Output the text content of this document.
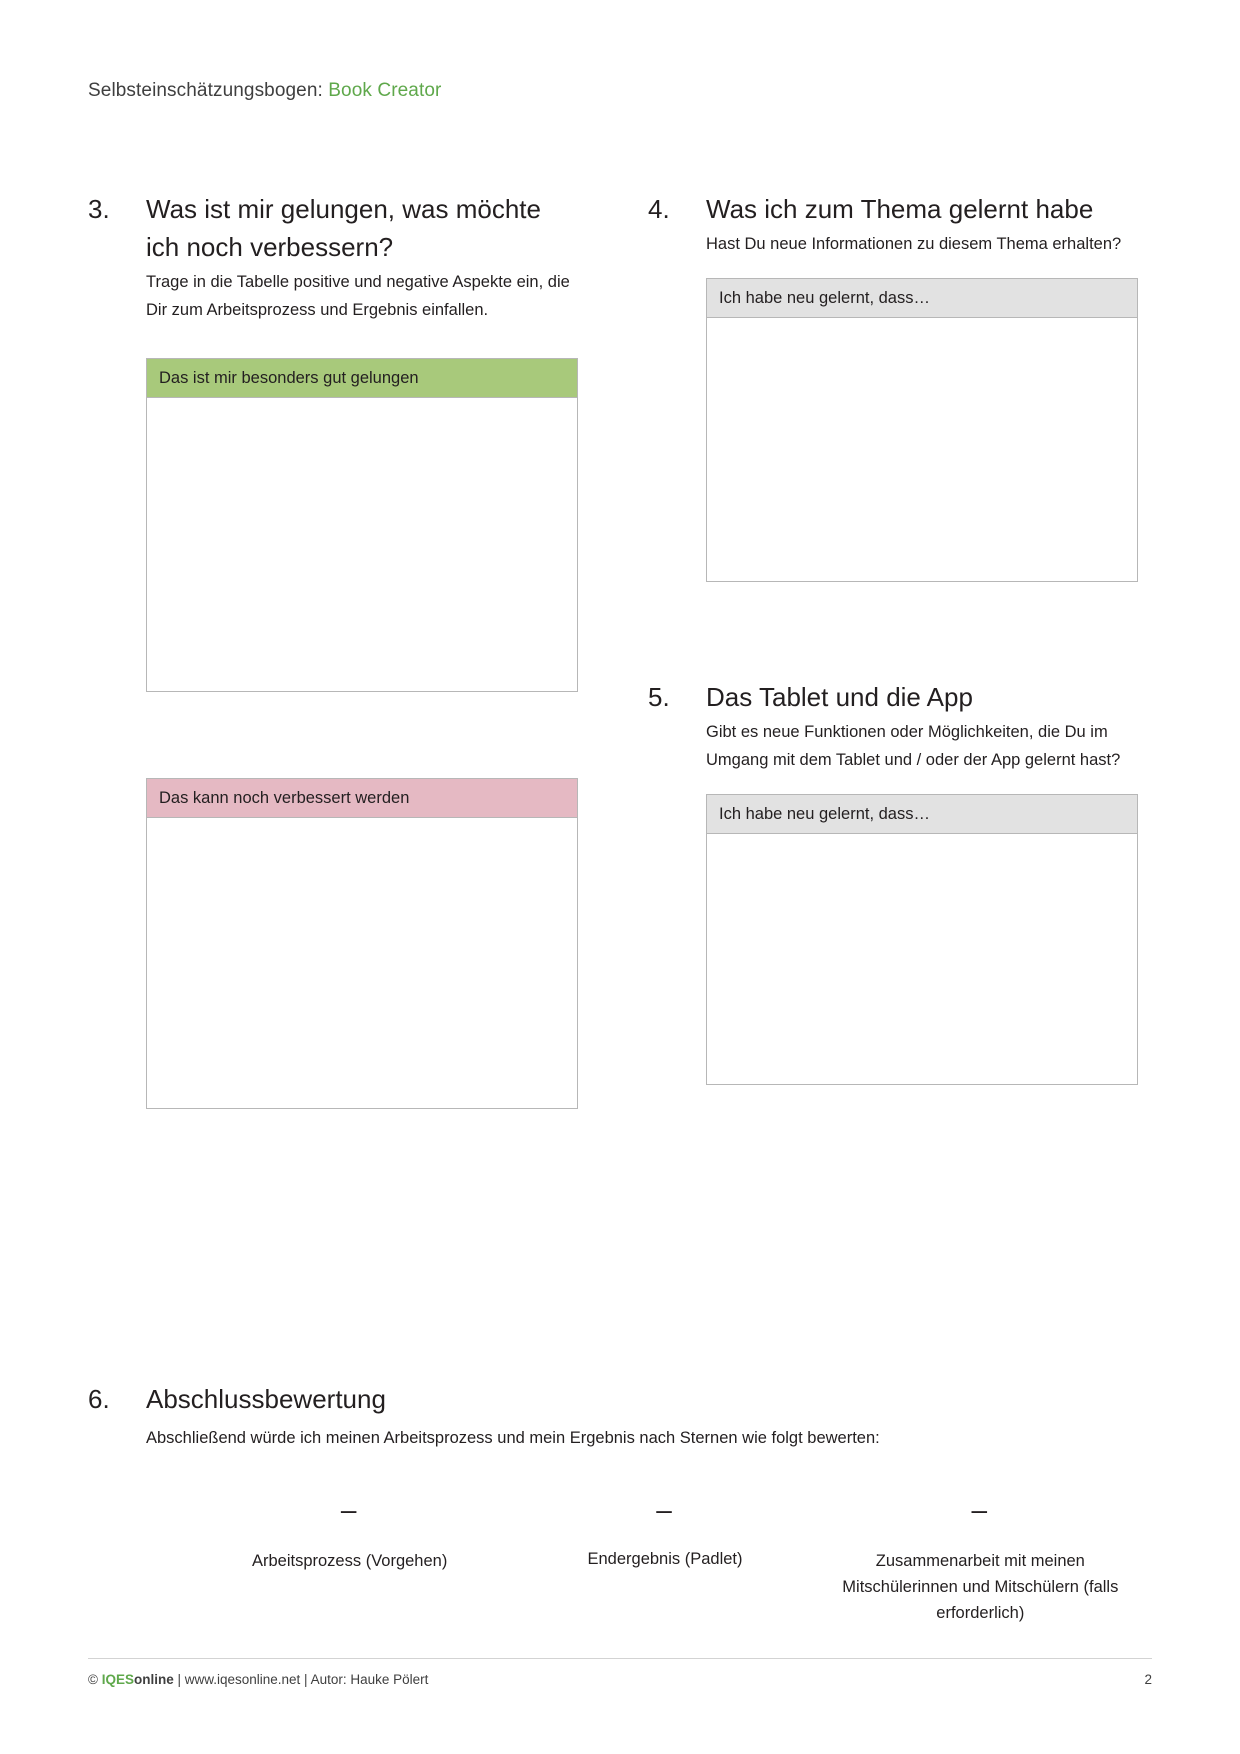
Selbsteinschätzungsbogen: Book Creator
3.	Was ist mir gelungen, was möchte ich noch verbessern?
Trage in die Tabelle positive und negative Aspekte ein, die Dir zum Arbeitsprozess und Ergebnis einfallen.
Das ist mir besonders gut gelungen
Das kann noch verbessert werden
4.	Was ich zum Thema gelernt habe
Hast Du neue Informationen zu diesem Thema erhalten?
Ich habe neu gelernt, dass…
5.	Das Tablet und die App
Gibt es neue Funktionen oder Möglichkeiten, die Du im Umgang mit dem Tablet und / oder der App gelernt hast?
Ich habe neu gelernt, dass…
6.	Abschlussbewertung
Abschließend würde ich meinen Arbeitsprozess und mein Ergebnis nach Sternen wie folgt bewerten:
–
Arbeitsprozess (Vorgehen)
–
Endergebnis (Padlet)
–
Zusammenarbeit mit meinen Mitschülerinnen und Mitschülern (falls erforderlich)
© IQESonline | www.iqesonline.net | Autor: Hauke Pölert	2
